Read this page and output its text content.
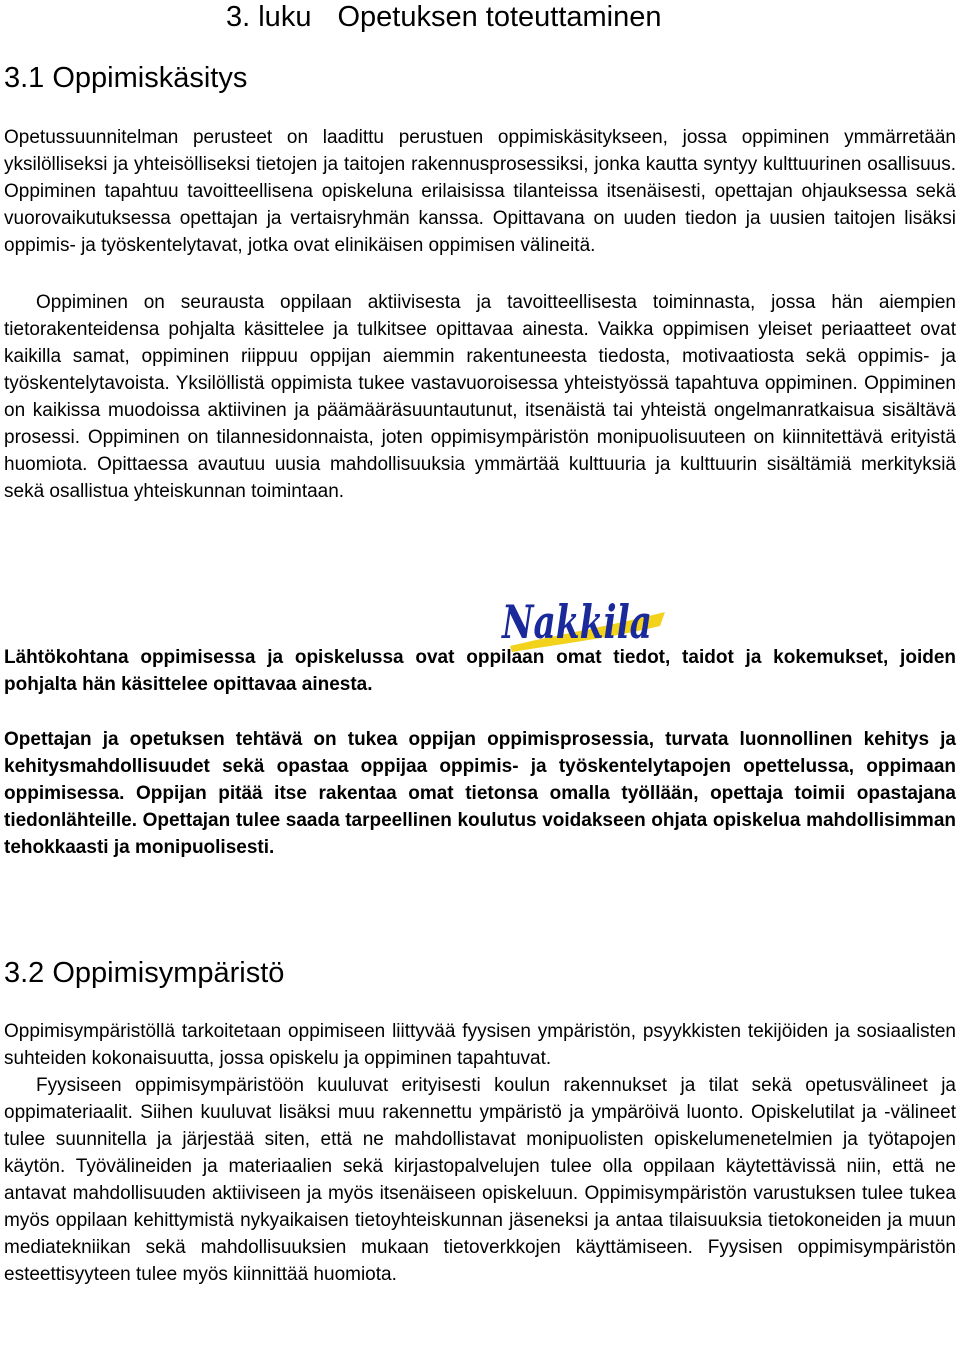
3. luku Opetuksen toteuttaminen
3.1 Oppimiskäsitys

Opetussuunnitelman perusteet on laadittu perustuen oppimiskäsitykseen, jossa oppiminen ymmärretään yksilölliseksi ja yhteisölliseksi tietojen ja taitojen rakennusprosessiksi, jonka kautta syntyy kulttuurinen osallisuus. Oppiminen tapahtuu tavoitteellisena opiskeluna erilaisissa tilanteissa itsenäisesti, opettajan ohjauksessa sekä vuorovaikutuksessa opettajan ja vertaisryhmän kanssa. Opittavana on uuden tiedon ja uusien taitojen lisäksi oppimis- ja työskentelytavat, jotka ovat elinikäisen oppimisen välineitä.

Oppiminen on seurausta oppilaan aktiivisesta ja tavoitteellisesta toiminnasta, jossa hän aiempien tietorakenteidensa pohjalta käsittelee ja tulkitsee opittavaa ainesta. Vaikka oppimisen yleiset periaatteet ovat kaikilla samat, oppiminen riippuu oppijan aiemmin rakentuneesta tiedosta, motivaatiosta sekä oppimis- ja työskentelytavoista. Yksilöllistä oppimista tukee vastavuoroisessa yhteistyössä tapahtuva oppiminen. Oppiminen on kaikissa muodoissa aktiivinen ja päämääräsuuntautunut, itsenäistä tai yhteistä ongelmanratkaisua sisältävä prosessi. Oppiminen on tilannesidonnaista, joten oppimisympäristön monipuolisuuteen on kiinnitettävä erityistä huomiota. Opittaessa avautuu uusia mahdollisuuksia ymmärtää kulttuuria ja kulttuurin sisältämiä merkityksiä sekä osallistua yhteiskunnan toimintaan.

Nakkila

Lähtökohtana oppimisessa ja opiskelussa ovat oppilaan omat tiedot, taidot ja kokemukset, joiden pohjalta hän käsittelee opittavaa ainesta.

Opettajan ja opetuksen tehtävä on tukea oppijan oppimisprosessia, turvata luonnollinen kehitys ja kehitysmahdollisuudet sekä opastaa oppijaa oppimis- ja työskentelytapojen opettelussa, oppimaan oppimisessa. Oppijan pitää itse rakentaa omat tietonsa omalla työllään, opettaja toimii opastajana tiedonlähteille. Opettajan tulee saada tarpeellinen koulutus voidakseen ohjata opiskelua mahdollisimman tehokkaasti ja monipuolisesti.

3.2 Oppimisympäristö

Oppimisympäristöllä tarkoitetaan oppimiseen liittyvää fyysisen ympäristön, psyykkisten tekijöiden ja sosiaalisten suhteiden kokonaisuutta, jossa opiskelu ja oppiminen tapahtuvat.

Fyysiseen oppimisympäristöön kuuluvat erityisesti koulun rakennukset ja tilat sekä opetusvälineet ja oppimateriaalit. Siihen kuuluvat lisäksi muu rakennettu ympäristö ja ympäröivä luonto. Opiskelutilat ja -välineet tulee suunnitella ja järjestää siten, että ne mahdollistavat monipuolisten opiskelumenetelmien ja työtapojen käytön. Työvälineiden ja materiaalien sekä kirjastopalvelujen tulee olla oppilaan käytettävissä niin, että ne antavat mahdollisuuden aktiiviseen ja myös itsenäiseen opiskeluun. Oppimisympäristön varustuksen tulee tukea myös oppilaan kehittymistä nykyaikaisen tietoyhteiskunnan jäseneksi ja antaa tilaisuuksia tietokoneiden ja muun mediatekniikan sekä mahdollisuuksien mukaan tietoverkkojen käyttämiseen. Fyysisen oppimisympäristön esteettisyyteen tulee myös kiinnittää huomiota.
